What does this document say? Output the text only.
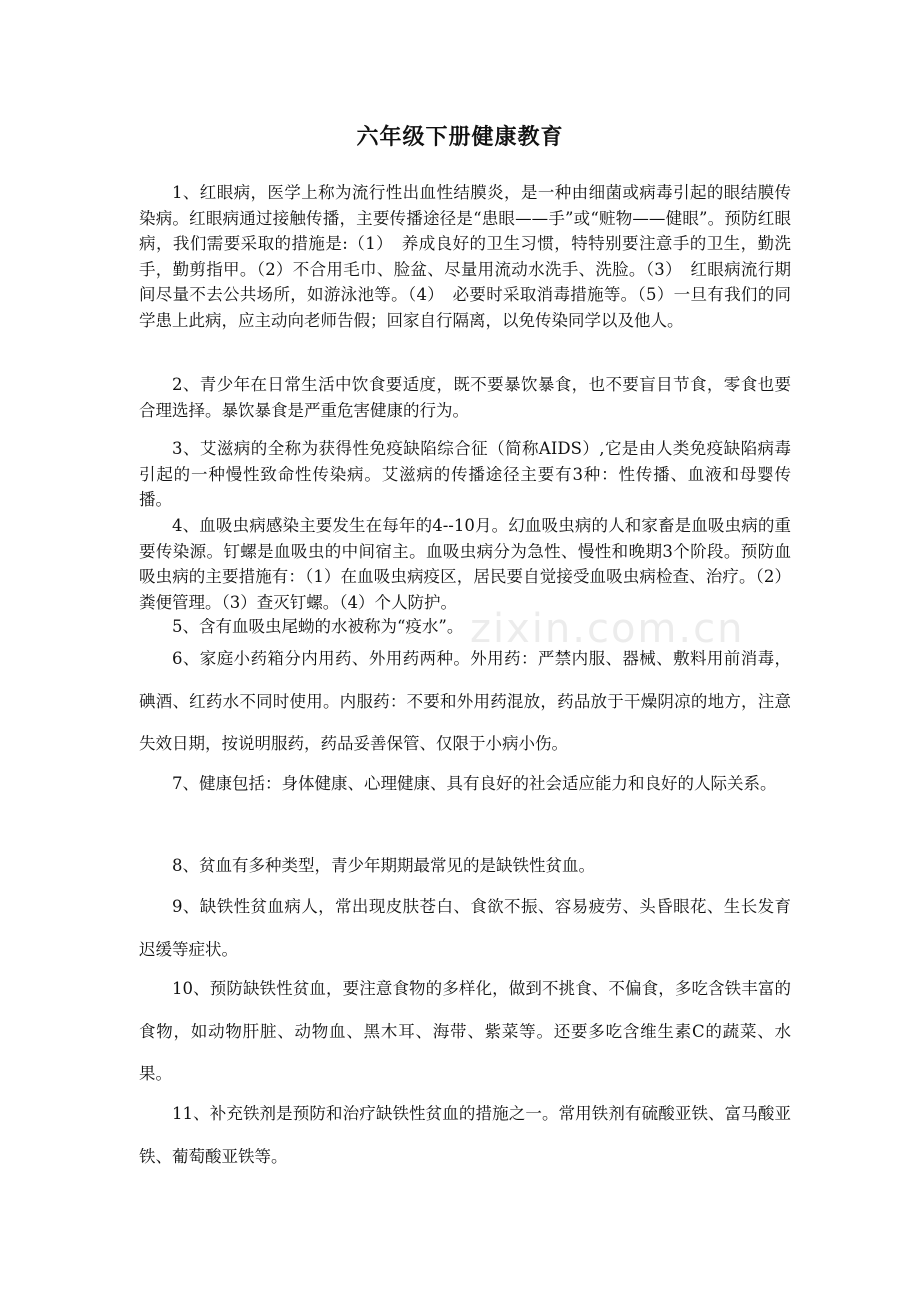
zixin.com.cn
六年级下册健康教育

1、红眼病，医学上称为流行性出血性结膜炎，是一种由细菌或病毒引起的眼结膜传染病。红眼病通过接触传播，主要传播途径是“患眼——手”或“赃物——健眼”。预防红眼病，我们需要采取的措施是:（1）　养成良好的卫生习惯，特特别要注意手的卫生，勤洗手，勤剪指甲。（2）不合用毛巾、脸盆、尽量用流动水洗手、洗脸。（3）　红眼病流行期间尽量不去公共场所，如游泳池等。（4）　必要时采取消毒措施等。（5）一旦有我们的同学患上此病，应主动向老师告假；回家自行隔离，以免传染同学以及他人。

2、青少年在日常生活中饮食要适度，既不要暴饮暴食，也不要盲目节食，零食也要合理选择。暴饮暴食是严重危害健康的行为。

3、艾滋病的全称为获得性免疫缺陷综合征（简称AIDS）,它是由人类免疫缺陷病毒引起的一种慢性致命性传染病。艾滋病的传播途径主要有3种：性传播、血液和母婴传播。

4、血吸虫病感染主要发生在每年的4--10月。幻血吸虫病的人和家畜是血吸虫病的重要传染源。钉螺是血吸虫的中间宿主。血吸虫病分为急性、慢性和晚期3个阶段。预防血吸虫病的主要措施有：（1）在血吸虫病疫区，居民要自觉接受血吸虫病检查、治疗。（2）粪便管理。（3）查灭钉螺。（4）个人防护。

5、含有血吸虫尾蚴的水被称为“疫水”。

6、家庭小药箱分内用药、外用药两种。外用药：严禁内服、器械、敷料用前消毒，碘酒、红药水不同时使用。内服药：不要和外用药混放，药品放于干燥阴凉的地方，注意失效日期，按说明服药，药品妥善保管、仅限于小病小伤。

7、健康包括：身体健康、心理健康、具有良好的社会适应能力和良好的人际关系。

8、贫血有多种类型，青少年期期最常见的是缺铁性贫血。

9、缺铁性贫血病人，常出现皮肤苍白、食欲不振、容易疲劳、头昏眼花、生长发育迟缓等症状。

10、预防缺铁性贫血，要注意食物的多样化，做到不挑食、不偏食，多吃含铁丰富的食物，如动物肝脏、动物血、黑木耳、海带、紫菜等。还要多吃含维生素C的蔬菜、水果。

11、补充铁剂是预防和治疗缺铁性贫血的措施之一。常用铁剂有硫酸亚铁、富马酸亚铁、葡萄酸亚铁等。
